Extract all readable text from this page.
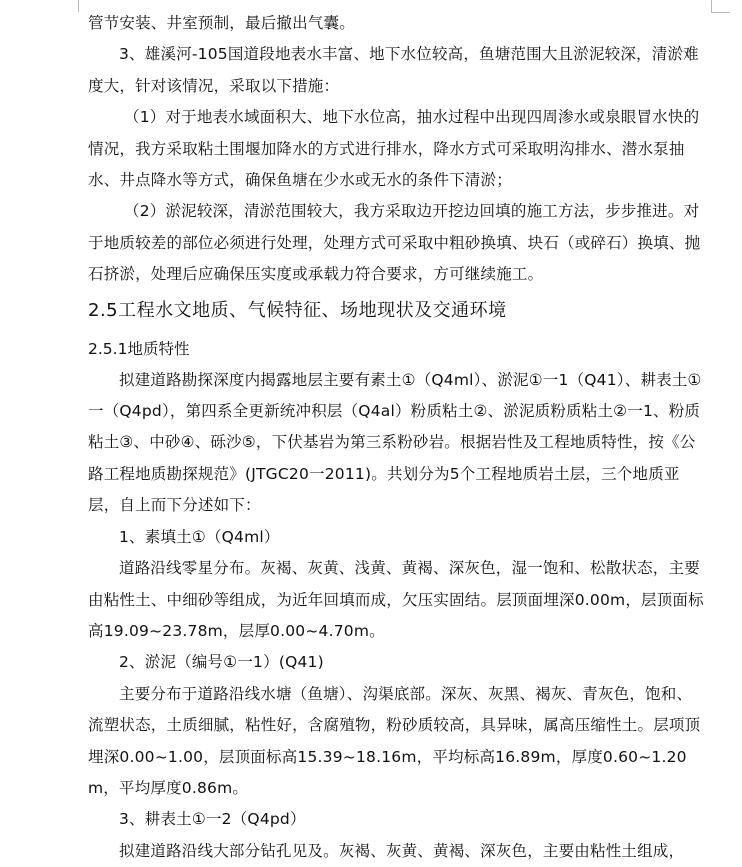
管节安装、井室预制，最后撤出气囊。

3、雄溪河-105国道段地表水丰富、地下水位较高，鱼塘范围大且淤泥较深，清淤难度大，针对该情况，采取以下措施：

（1）对于地表水域面积大、地下水位高，抽水过程中出现四周渗水或泉眼冒水快的情况，我方采取粘土围堰加降水的方式进行排水，降水方式可采取明沟排水、潜水泵抽水、井点降水等方式，确保鱼塘在少水或无水的条件下清淤；

（2）淤泥较深，清淤范围较大，我方采取边开挖边回填的施工方法，步步推进。对于地质较差的部位必须进行处理，处理方式可采取中粗砂换填、块石（或碎石）换填、抛石挤淤，处理后应确保压实度或承载力符合要求，方可继续施工。

2.5工程水文地质、气候特征、场地现状及交通环境
2.5.1地质特性

拟建道路勘探深度内揭露地层主要有素土①（Q4ml）、淤泥①一1（Q41）、耕表土①一（Q4pd），第四系全更新统冲积层（Q4al）粉质粘土②、淤泥质粉质粘土②一1、粉质粘土③、中砂④、砾沙⑤，下伏基岩为第三系粉砂岩。根据岩性及工程地质特性，按《公路工程地质勘探规范》(JTGC20一2011)。共划分为5个工程地质岩土层，三个地质亚层，自上而下分述如下：

1、素填土①（Q4ml）

道路沿线零星分布。灰褐、灰黄、浅黄、黄褐、深灰色，湿一饱和、松散状态，主要由粘性土、中细砂等组成，为近年回填而成，欠压实固结。层顶面埋深0.00m，层顶面标高19.09~23.78m，层厚0.00~4.70m。

2、淤泥（编号①一1）(Q41)

主要分布于道路沿线水塘（鱼塘）、沟渠底部。深灰、灰黑、褐灰、青灰色，饱和、流塑状态，土质细腻，粘性好，含腐殖物，粉砂质较高，具异味，属高压缩性土。层项顶埋深0.00~1.00，层顶面标高15.39~18.16m，平均标高16.89m，厚度0.60~1.20m，平均厚度0.86m。

3、耕表土①一2（Q4pd）

拟建道路沿线大部分钻孔见及。灰褐、灰黄、黄褐、深灰色，主要由粘性土组成，
